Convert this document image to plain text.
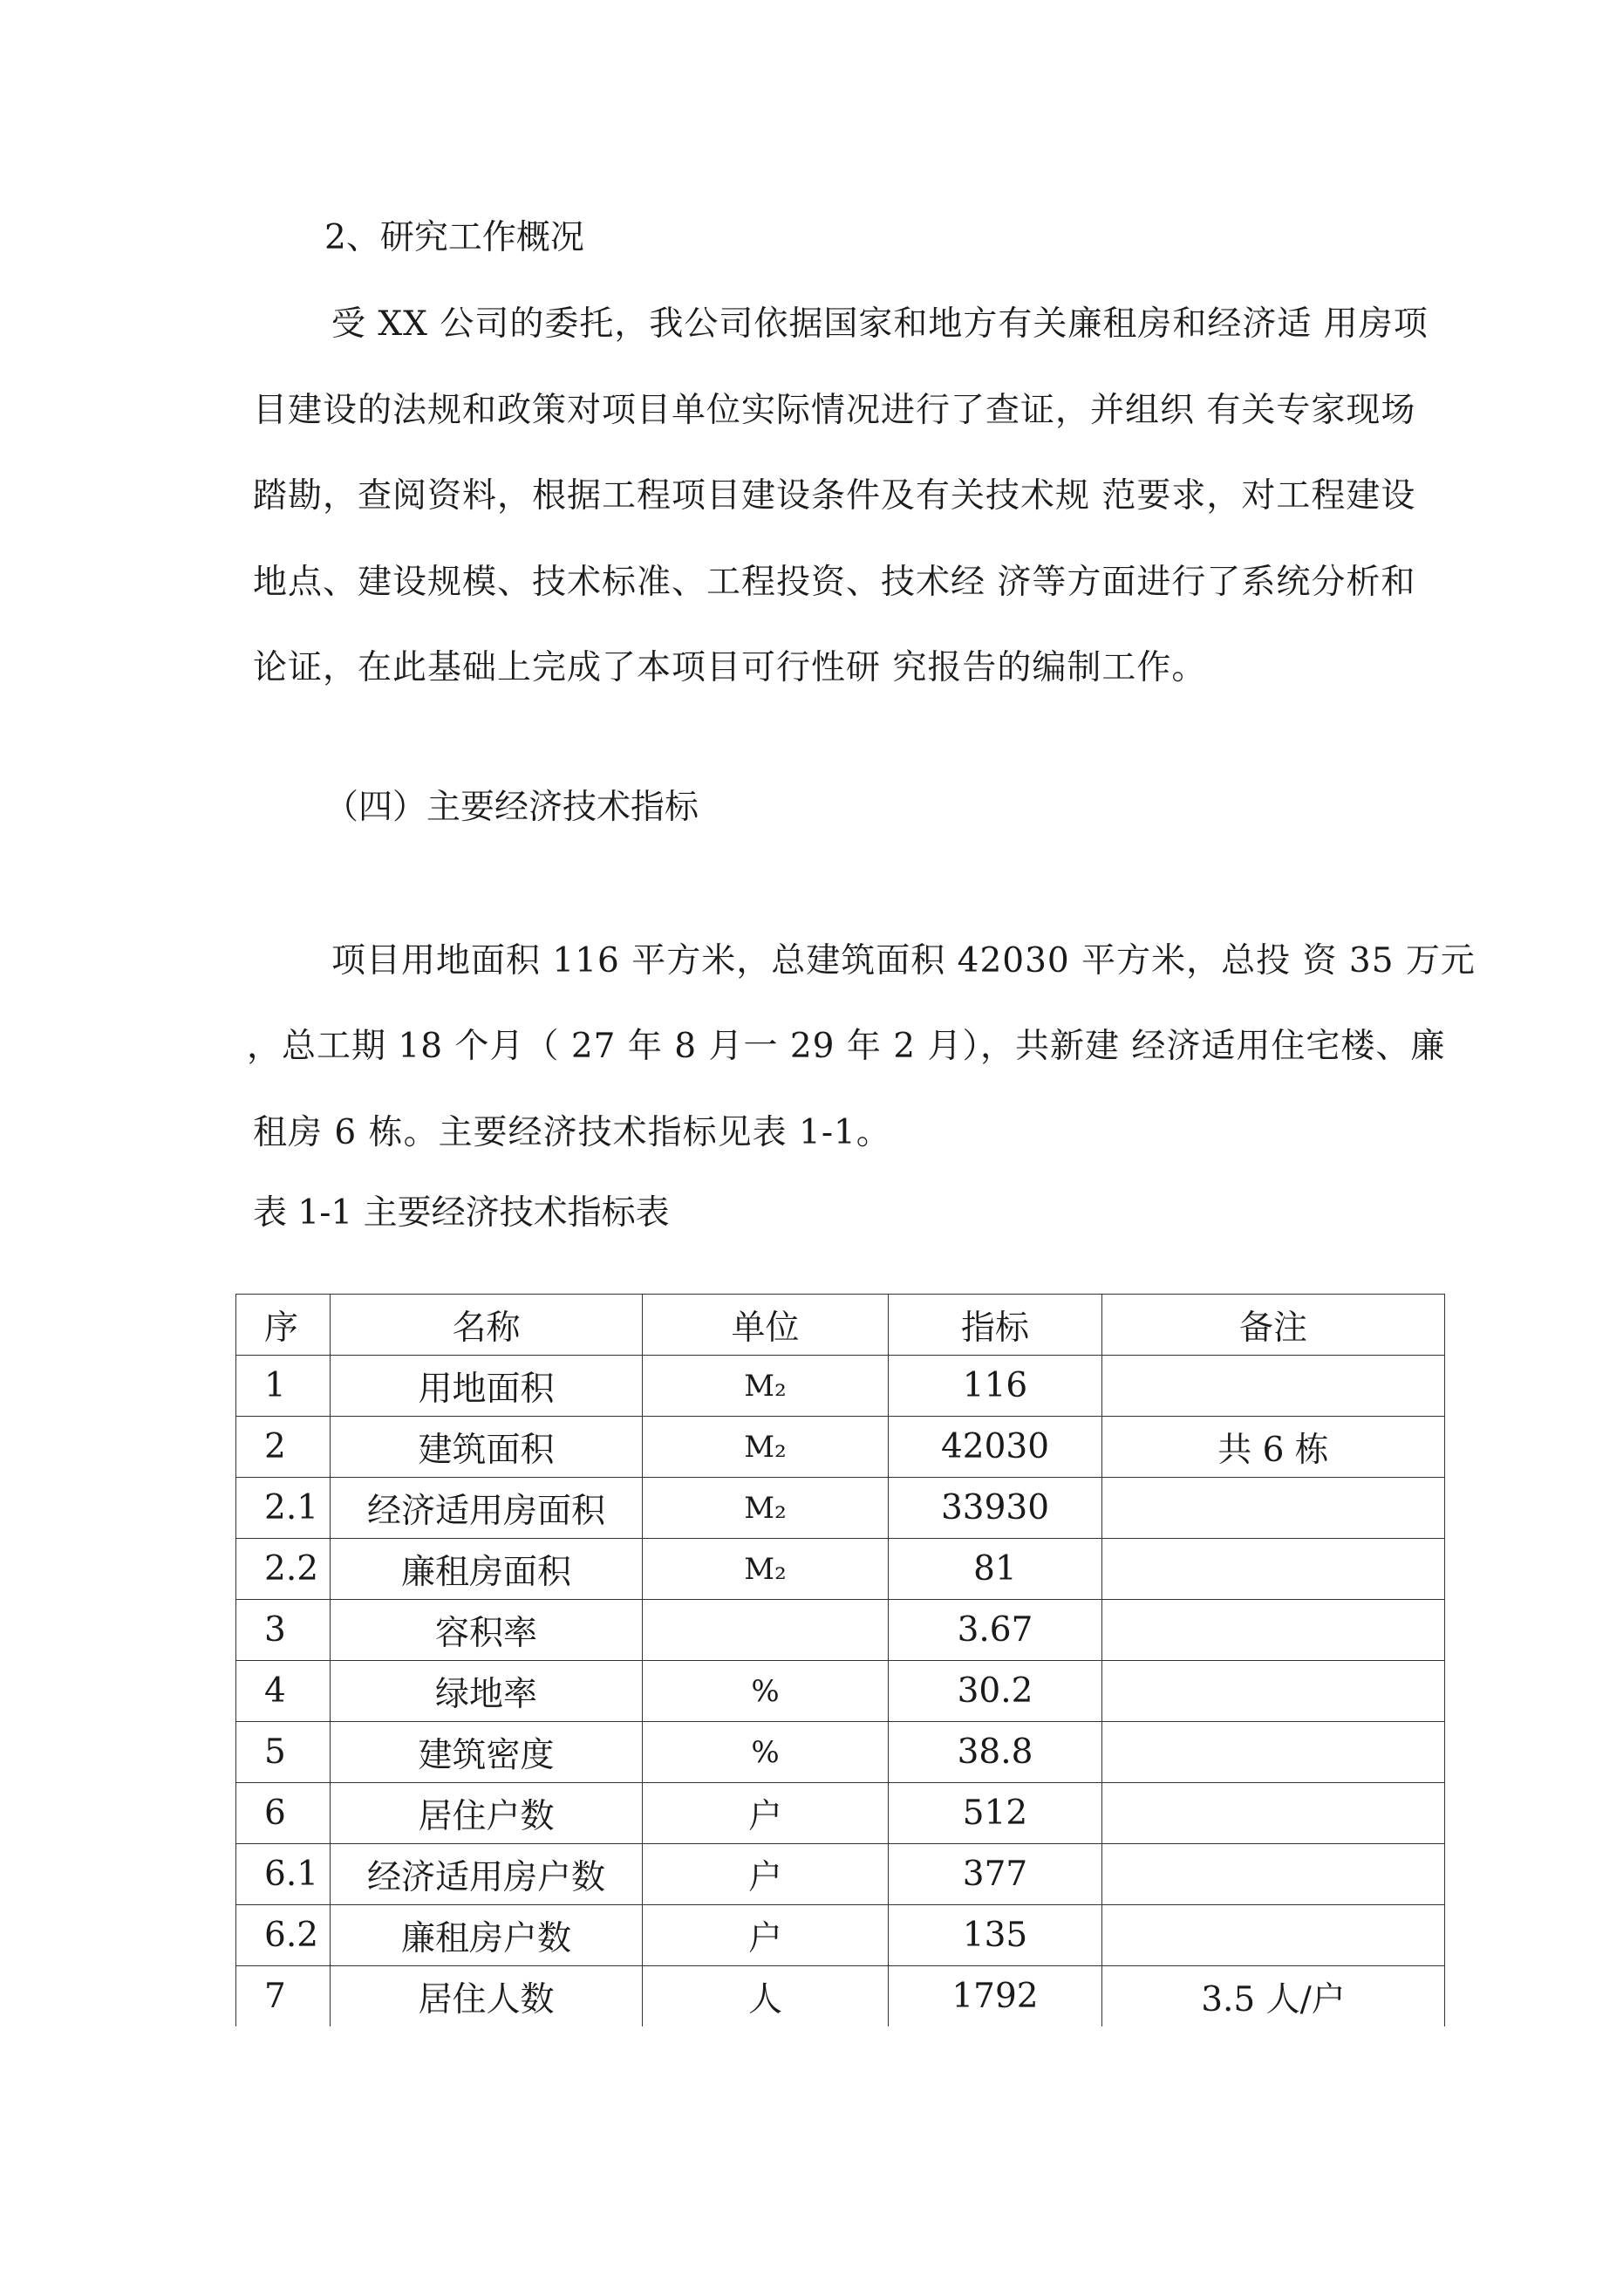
2、研究工作概况
受 XX 公司的委托，我公司依据国家和地方有关廉租房和经济适 用房项
目建设的法规和政策对项目单位实际情况进行了查证，并组织 有关专家现场
踏勘，查阅资料，根据工程项目建设条件及有关技术规 范要求，对工程建设
地点、建设规模、技术标准、工程投资、技术经 济等方面进行了系统分析和
论证，在此基础上完成了本项目可行性研 究报告的编制工作。
（四）主要经济技术指标
项目用地面积 116 平方米，总建筑面积 42030 平方米，总投 资 35 万元
，总工期 18 个月（ 27 年 8 月一 29 年 2 月），共新建 经济适用住宅楼、廉
租房 6 栋。主要经济技术指标见表 1-1。
表 1-1 主要经济技术指标表
序	名称	单位	指标	备注
1	用地面积	M₂	116	
2	建筑面积	M₂	42030	共 6 栋
2.1	经济适用房面积	M₂	33930	
2.2	廉租房面积	M₂	81	
3	容积率		3.67	
4	绿地率	%	30.2	
5	建筑密度	%	38.8	
6	居住户数	户	512	
6.1	经济适用房户数	户	377	
6.2	廉租房户数	户	135	
7	居住人数	人	1792	3.5 人/户
